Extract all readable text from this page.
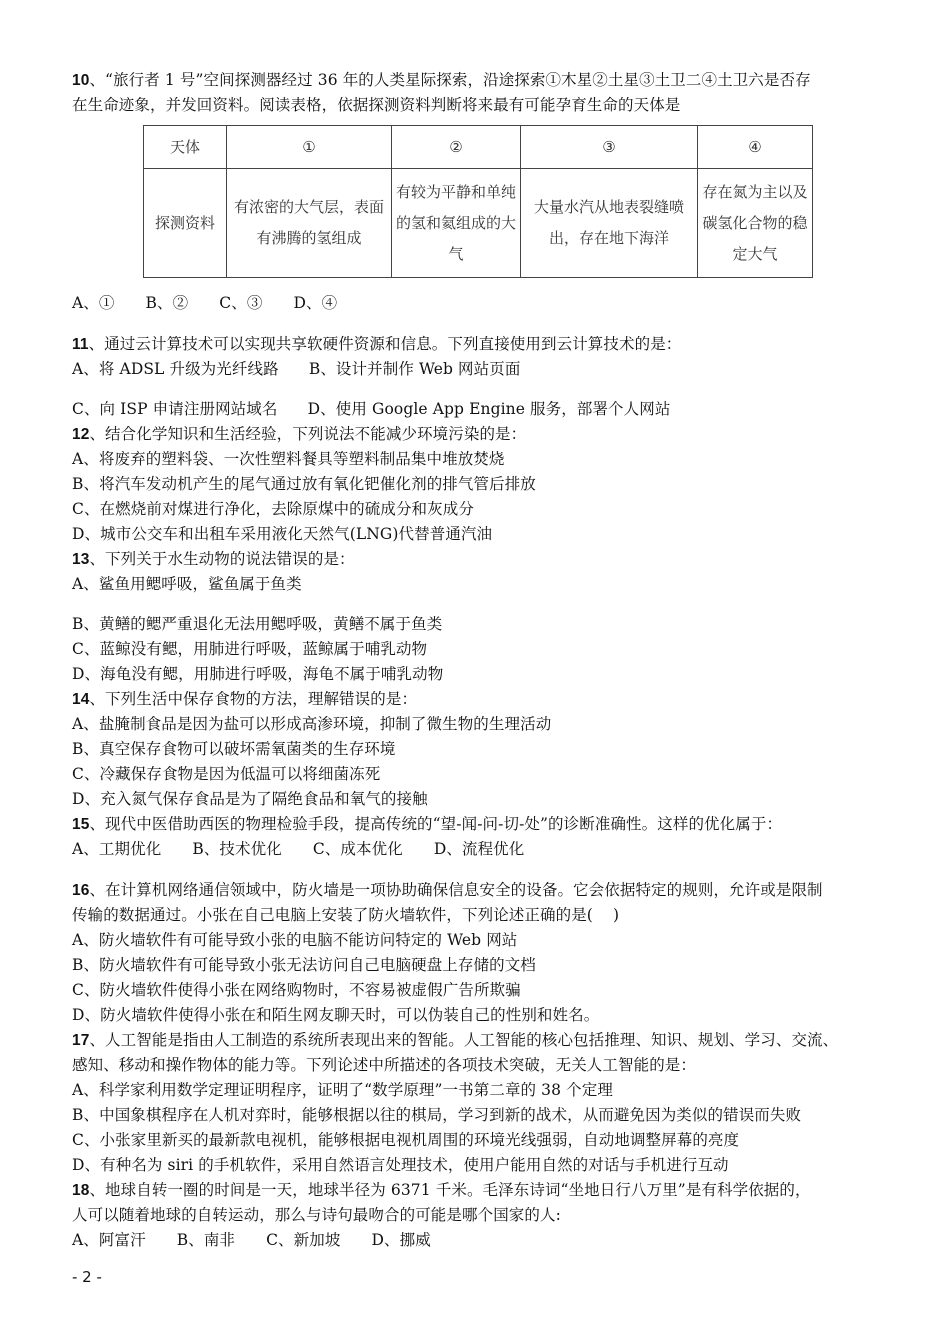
10、“旅行者 1 号”空间探测器经过 36 年的人类星际探索，沿途探索①木星②土星③土卫二④土卫六是否存
在生命迹象，并发回资料。阅读表格，依据探测资料判断将来最有可能孕育生命的天体是
天体	①	②	③	④
探测资料	有浓密的大气层，表面有沸腾的氢组成	有较为平静和单纯的氢和氦组成的大气	大量水汽从地表裂缝喷出，存在地下海洋	存在氮为主以及碳氢化合物的稳定大气
A、① B、② C、③ D、④
11、通过云计算技术可以实现共享软硬件资源和信息。下列直接使用到云计算技术的是：
A、将 ADSL 升级为光纤线路      B、设计并制作 Web 网站页面
C、向 ISP 申请注册网站域名      D、使用 Google App Engine 服务，部署个人网站
12、结合化学知识和生活经验，下列说法不能减少环境污染的是：
A、将废弃的塑料袋、一次性塑料餐具等塑料制品集中堆放焚烧
B、将汽车发动机产生的尾气通过放有氧化钯催化剂的排气管后排放
C、在燃烧前对煤进行净化，去除原煤中的硫成分和灰成分
D、城市公交车和出租车采用液化天然气(LNG)代替普通汽油
13、下列关于水生动物的说法错误的是：
A、鲨鱼用鳃呼吸，鲨鱼属于鱼类
B、黄鳝的鳃严重退化无法用鳃呼吸，黄鳝不属于鱼类
C、蓝鲸没有鳃，用肺进行呼吸，蓝鲸属于哺乳动物
D、海龟没有鳃，用肺进行呼吸，海龟不属于哺乳动物
14、下列生活中保存食物的方法，理解错误的是：
A、盐腌制食品是因为盐可以形成高渗环境，抑制了微生物的生理活动
B、真空保存食物可以破坏需氧菌类的生存环境
C、冷藏保存食物是因为低温可以将细菌冻死
D、充入氮气保存食品是为了隔绝食品和氧气的接触
15、现代中医借助西医的物理检验手段，提高传统的“望-闻-问-切-处”的诊断准确性。这样的优化属于：
A、工期优化 B、技术优化 C、成本优化 D、流程优化
16、在计算机网络通信领域中，防火墙是一项协助确保信息安全的设备。它会依据特定的规则，允许或是限制
传输的数据通过。小张在自己电脑上安装了防火墙软件，下列论述正确的是(    )
A、防火墙软件有可能导致小张的电脑不能访问特定的 Web 网站
B、防火墙软件有可能导致小张无法访问自己电脑硬盘上存储的文档
C、防火墙软件使得小张在网络购物时，不容易被虚假广告所欺骗
D、防火墙软件使得小张在和陌生网友聊天时，可以伪装自己的性别和姓名。
17、人工智能是指由人工制造的系统所表现出来的智能。人工智能的核心包括推理、知识、规划、学习、交流、
感知、移动和操作物体的能力等。下列论述中所描述的各项技术突破，无关人工智能的是：
A、科学家利用数学定理证明程序，证明了“数学原理”一书第二章的 38 个定理
B、中国象棋程序在人机对弈时，能够根据以往的棋局，学习到新的战术，从而避免因为类似的错误而失败
C、小张家里新买的最新款电视机，能够根据电视机周围的环境光线强弱，自动地调整屏幕的亮度
D、有种名为 siri 的手机软件，采用自然语言处理技术，使用户能用自然的对话与手机进行互动
18、地球自转一圈的时间是一天，地球半径为 6371 千米。毛泽东诗词“坐地日行八万里”是有科学依据的，
人可以随着地球的自转运动，那么与诗句最吻合的可能是哪个国家的人:
A、阿富汗 B、南非 C、新加坡 D、挪威
- 2 -
